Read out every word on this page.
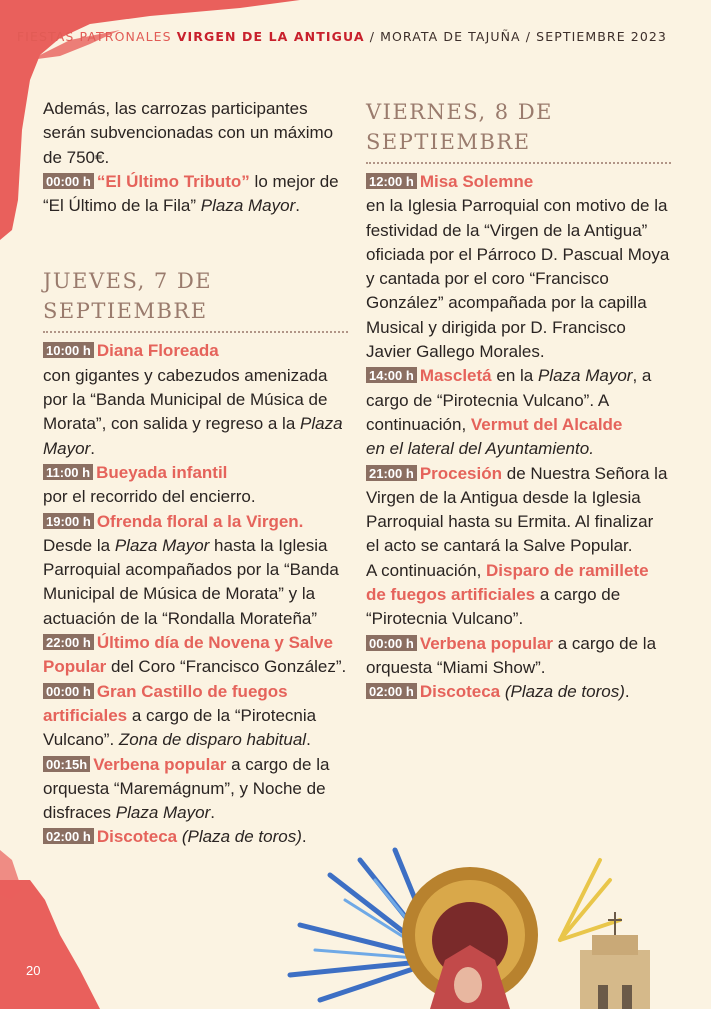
FIESTAS PATRONALES VIRGEN DE LA ANTIGUA / MORATA DE TAJUÑA / SEPTIEMBRE 2023

Además, las carrozas participantes serán subvencionadas con un máximo de 750€.

00:00 h “El Último Tributo” lo mejor de “El Último de la Fila” Plaza Mayor.

JUEVES, 7 DE SEPTIEMBRE

10:00 h Diana Floreada
con gigantes y cabezudos amenizada por la “Banda Municipal de Música de Morata”, con salida y regreso a la Plaza Mayor.

11:00 h Bueyada infantil
por el recorrido del encierro.

19:00 h Ofrenda floral a la Virgen.
Desde la Plaza Mayor hasta la Iglesia Parroquial acompañados por la “Banda Municipal de Música de Morata” y la actuación de la “Rondalla Morateña”

22:00 h Último día de Novena y Salve Popular del Coro “Francisco González”.

00:00 h Gran Castillo de fuegos artificiales a cargo de la “Pirotecnia Vulcano”. Zona de disparo habitual.

00:15h Verbena popular a cargo de la orquesta “Maremágnum”, y Noche de disfraces Plaza Mayor.

02:00 h Discoteca (Plaza de toros).

VIERNES, 8 DE SEPTIEMBRE

12:00 h Misa Solemne
en la Iglesia Parroquial con motivo de la festividad de la “Virgen de la Antigua” oficiada por el Párroco D. Pascual Moya y cantada por el coro “Francisco González” acompañada por la capilla Musical y dirigida por D. Francisco Javier Gallego Morales.

14:00 h Mascletá en la Plaza Mayor, a cargo de “Pirotecnia Vulcano”. A continuación, Vermut del Alcalde
en el lateral del Ayuntamiento.

21:00 h Procesión de Nuestra Señora la Virgen de la Antigua desde la Iglesia Parroquial hasta su Ermita. Al finalizar el acto se cantará la Salve Popular.

A continuación, Disparo de ramillete de fuegos artificiales a cargo de “Pirotecnia Vulcano”.

00:00 h Verbena popular a cargo de la orquesta “Miami Show”.

02:00 h Discoteca (Plaza de toros).

20
